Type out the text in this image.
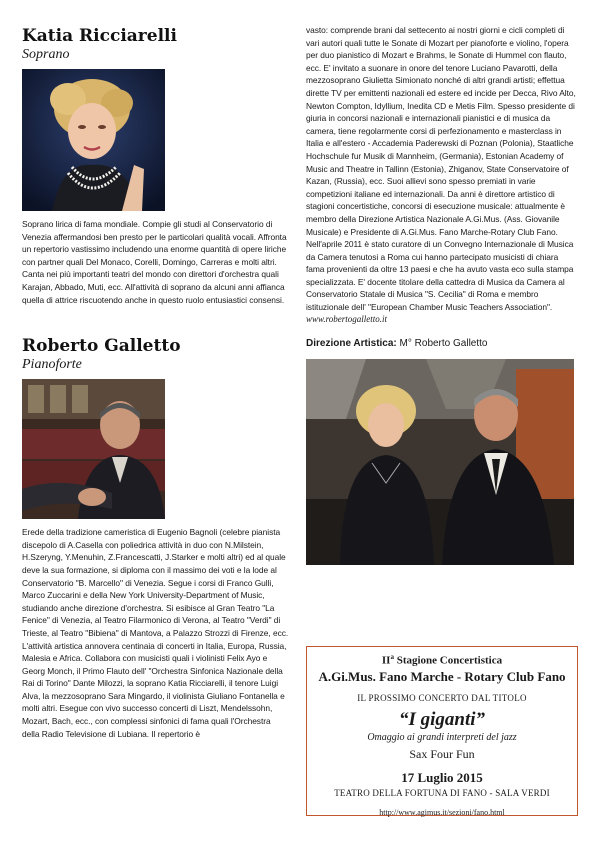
Katia Ricciarelli
Soprano
Soprano lirica di fama mondiale. Compie gli studi al Conservatorio di Venezia affermandosi ben presto per le particolari qualità vocali. Affronta un repertorio vastissimo includendo una enorme quantità di opere liriche con partner quali Del Monaco, Corelli, Domingo, Carreras e molti altri. Canta nei più importanti teatri del mondo con direttori d'orchestra quali Karajan, Abbado, Muti, ecc. All'attività di soprano da alcuni anni affianca quella di attrice riscuotendo anche in questo ruolo entusiastici consensi.
Roberto Galletto
Pianoforte
Erede della tradizione cameristica di Eugenio Bagnoli (celebre pianista discepolo di A.Casella con poliedrica attività in duo con N.Milstein, H.Szeryng, Y.Menuhin, Z.Francescatti, J.Starker e molti altri) ed al quale deve la sua formazione, si diploma con il massimo dei voti e la lode al Conservatorio "B. Marcello" di Venezia. Segue i corsi di Franco Gulli, Marco Zuccarini e della New York University-Department of Music, studiando anche direzione d'orchestra. Si esibisce al Gran Teatro "La Fenice" di Venezia, al Teatro Filarmonico di Verona, al Teatro "Verdi" di Trieste, al Teatro "Bibiena" di Mantova, a Palazzo Strozzi di Firenze, ecc. L'attività artistica annovera centinaia di concerti in Italia, Europa, Russia, Malesia e Africa. Collabora con musicisti quali i violinisti Felix Ayo e Georg Monch, il Primo Flauto dell' "Orchestra Sinfonica Nazionale della Rai di Torino" Dante Milozzi, la soprano Katia Ricciarelli, il tenore Luigi Alva, la mezzosoprano Sara Mingardo, il violinista Giuliano Fontanella e molti altri. Esegue con vivo successo concerti di Liszt, Mendelssohn, Mozart, Bach, ecc., con complessi sinfonici di fama quali l'Orchestra della Radio Televisione di Lubiana. Il repertorio è
vasto: comprende brani dal settecento ai nostri giorni e cicli completi di vari autori quali tutte le Sonate di Mozart per pianoforte e violino, l'opera per duo pianistico di Mozart e Brahms, le Sonate di Hummel con flauto, ecc. E' invitato a suonare in onore del tenore Luciano Pavarotti, della mezzosoprano Giulietta Simionato nonché di altri grandi artisti; effettua dirette TV per emittenti nazionali ed estere ed incide per Decca, Rivo Alto, Newton Compton, Idyllium, Inedita CD e Metis Film. Spesso presidente di giuria in concorsi nazionali e internazionali pianistici e di musica da camera, tiene regolarmente corsi di perfezionamento e masterclass in Italia e all'estero - Accademia Paderewski di Poznan (Polonia), Staatliche Hochschule fur Musik di Mannheim, (Germania), Estonian Academy of Music and Theatre in Tallinn (Estonia), Zhiganov, State Conservatoire of Kazan, (Russia), ecc. Suoi allievi sono spesso premiati in varie competizioni italiane ed internazionali. Da anni è direttore artistico di stagioni concertistiche, concorsi di esecuzione musicale: attualmente è membro della Direzione Artistica Nazionale A.Gi.Mus. (Ass. Giovanile Musicale) e Presidente di A.Gi.Mus. Fano Marche-Rotary Club Fano. Nell'aprile 2011 è stato curatore di un Convegno Internazionale di Musica da Camera tenutosi a Roma cui hanno partecipato musicisti di chiara fama provenienti da oltre 13 paesi e che ha avuto vasta eco sulla stampa specializzata. E' docente titolare della cattedra di Musica da Camera al Conservatorio Statale di Musica "S. Cecilia" di Roma e membro istituzionale dell' "European Chamber Music Teachers Association".
www.robertogalletto.it
Direzione Artistica: M° Roberto Galletto
$II^a$ Stagione Concertistica
A.Gi.Mus. Fano Marche - Rotary Club Fano
IL PROSSIMO CONCERTO DAL TITOLO
“I giganti”
Omaggio ai grandi interpreti del jazz
Sax Four Fun
17 Luglio 2015
TEATRO DELLA FORTUNA DI FANO - SALA VERDI
http://www.agimus.it/sezioni/fano.html
